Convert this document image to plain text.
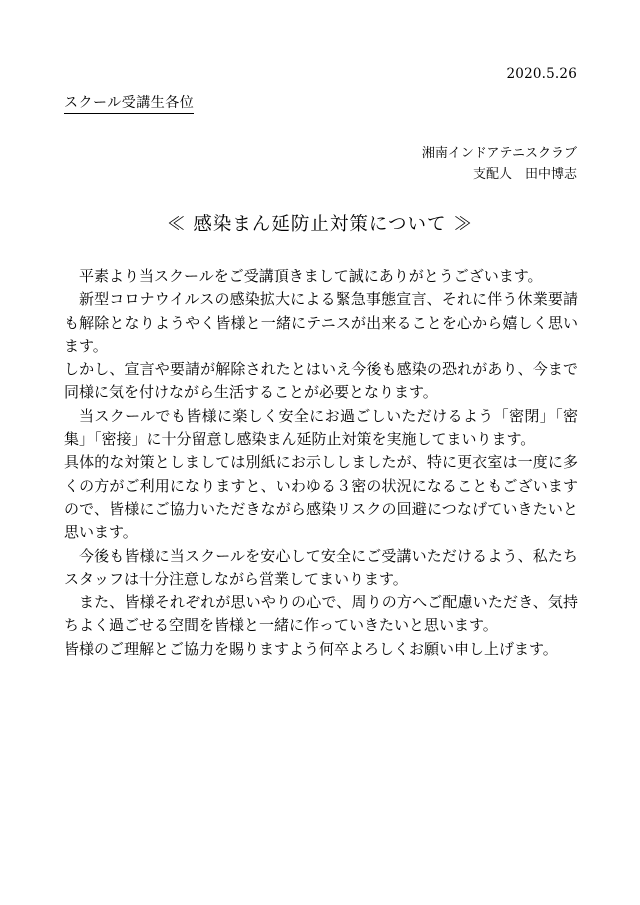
2020.5.26
スクール受講生各位
湘南インドアテニスクラブ
支配人　田中博志
≪ 感染まん延防止対策について ≫

平素より当スクールをご受講頂きまして誠にありがとうございます。

新型コロナウイルスの感染拡大による緊急事態宣言、それに伴う休業要請も解除となりようやく皆様と一緒にテニスが出来ることを心から嬉しく思います。

しかし、宣言や要請が解除されたとはいえ今後も感染の恐れがあり、今まで同様に気を付けながら生活することが必要となります。

当スクールでも皆様に楽しく安全にお過ごしいただけるよう「密閉」「密集」「密接」に十分留意し感染まん延防止対策を実施してまいります。

具体的な対策としましては別紙にお示ししましたが、特に更衣室は一度に多くの方がご利用になりますと、いわゆる３密の状況になることもございますので、皆様にご協力いただきながら感染リスクの回避につなげていきたいと思います。

今後も皆様に当スクールを安心して安全にご受講いただけるよう、私たちスタッフは十分注意しながら営業してまいります。

また、皆様それぞれが思いやりの心で、周りの方へご配慮いただき、気持ちよく過ごせる空間を皆様と一緒に作っていきたいと思います。

皆様のご理解とご協力を賜りますよう何卒よろしくお願い申し上げます。
